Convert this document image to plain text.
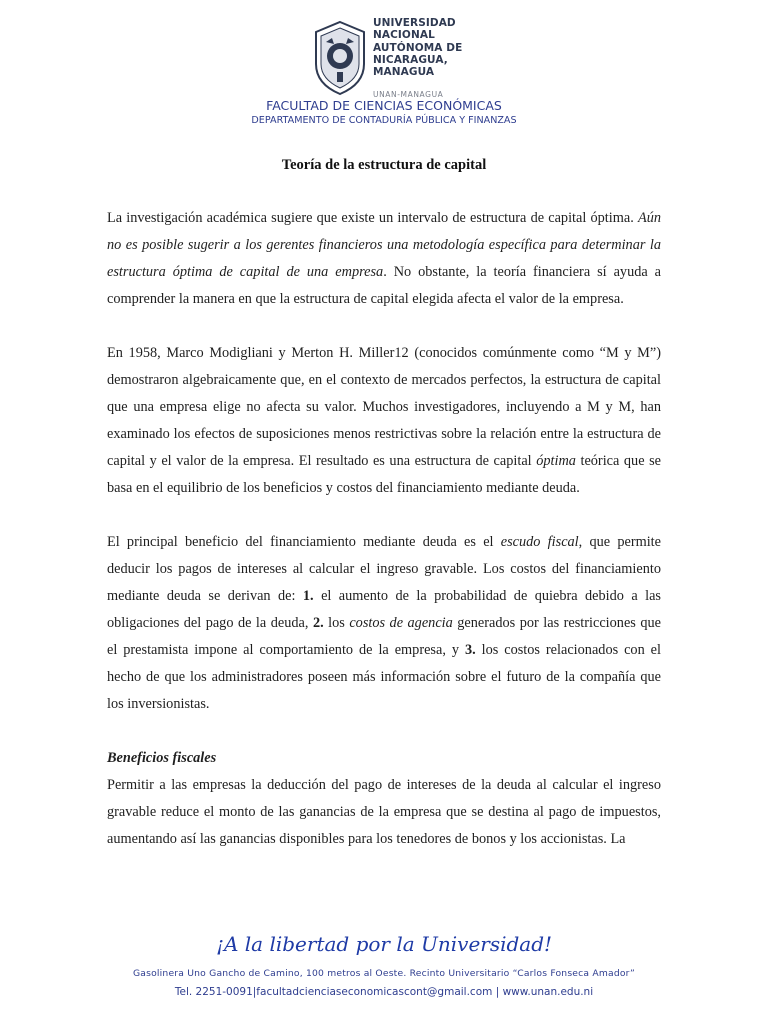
UNIVERSIDAD
NACIONAL
AUTÓNOMA DE
NICARAGUA,
MANAGUA
UNAN-MANAGUA
FACULTAD DE CIENCIAS ECONÓMICAS
DEPARTAMENTO DE CONTADURÍA PÚBLICA Y FINANZAS
Teoría de la estructura de capital

La investigación académica sugiere que existe un intervalo de estructura de capital óptima. Aún no es posible sugerir a los gerentes financieros una metodología específica para determinar la estructura óptima de capital de una empresa. No obstante, la teoría financiera sí ayuda a comprender la manera en que la estructura de capital elegida afecta el valor de la empresa.

En 1958, Marco Modigliani y Merton H. Miller12 (conocidos comúnmente como “M y M”) demostraron algebraicamente que, en el contexto de mercados perfectos, la estructura de capital que una empresa elige no afecta su valor. Muchos investigadores, incluyendo a M y M, han examinado los efectos de suposiciones menos restrictivas sobre la relación entre la estructura de capital y el valor de la empresa. El resultado es una estructura de capital óptima teórica que se basa en el equilibrio de los beneficios y costos del financiamiento mediante deuda.

El principal beneficio del financiamiento mediante deuda es el escudo fiscal, que permite deducir los pagos de intereses al calcular el ingreso gravable. Los costos del financiamiento mediante deuda se derivan de: 1. el aumento de la probabilidad de quiebra debido a las obligaciones del pago de la deuda, 2. los costos de agencia generados por las restricciones que el prestamista impone al comportamiento de la empresa, y 3. los costos relacionados con el hecho de que los administradores poseen más información sobre el futuro de la compañía que los inversionistas.

Beneficios fiscales

Permitir a las empresas la deducción del pago de intereses de la deuda al calcular el ingreso gravable reduce el monto de las ganancias de la empresa que se destina al pago de impuestos, aumentando así las ganancias disponibles para los tenedores de bonos y los accionistas. La

¡A la libertad por la Universidad!
Gasolinera Uno Gancho de Camino, 100 metros al Oeste. Recinto Universitario “Carlos Fonseca Amador”
Tel. 2251-0091|facultadcienciaseconomicascont@gmail.com | www.unan.edu.ni
